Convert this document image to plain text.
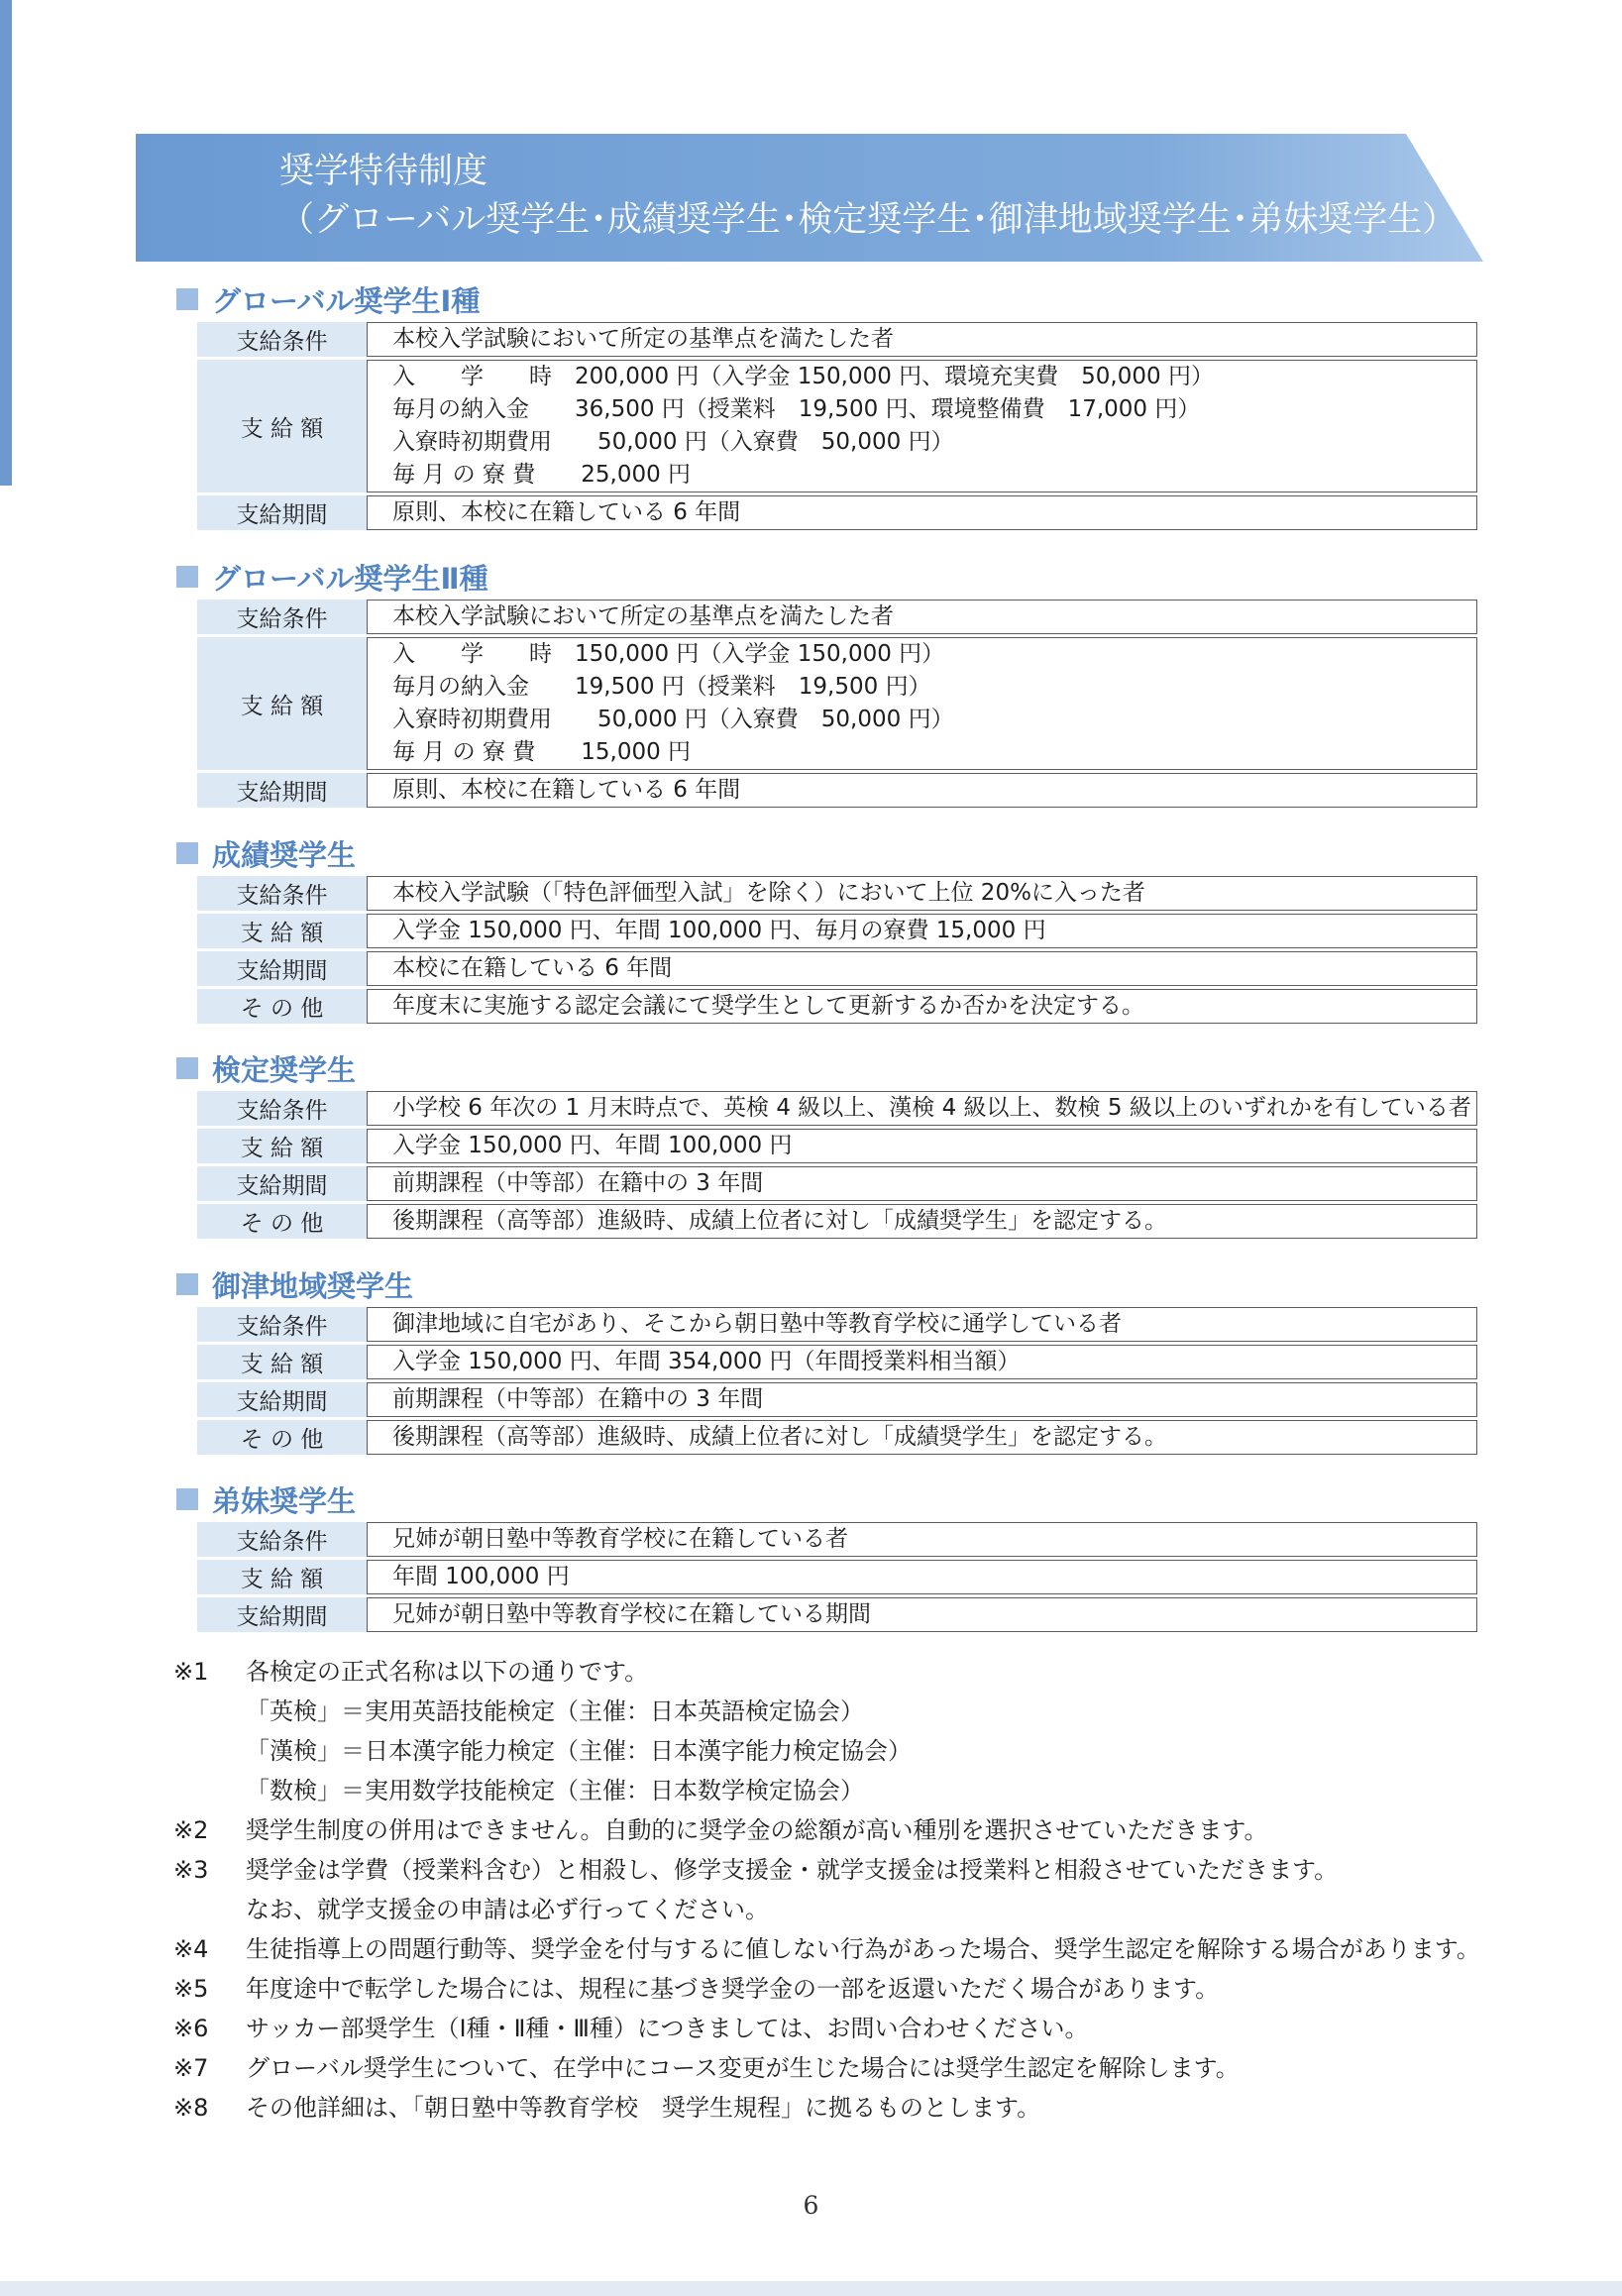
奨学特待制度
（グローバル奨学生･成績奨学生･検定奨学生･御津地域奨学生･弟妹奨学生）
グローバル奨学生Ⅰ種
支給条件	本校入学試験において所定の基準点を満たした者

支 給 額	入　　学　　時　200,000 円（入学金 150,000 円、環境充実費　50,000 円）
毎月の納入金　　36,500 円（授業料　19,500 円、環境整備費　17,000 円）
入寮時初期費用　　50,000 円（入寮費　50,000 円）
毎 月 の 寮 費　　25,000 円

支給期間	原則、本校に在籍している 6 年間
グローバル奨学生Ⅱ種
支給条件	本校入学試験において所定の基準点を満たした者

支 給 額	入　　学　　時　150,000 円（入学金 150,000 円）
毎月の納入金　　19,500 円（授業料　19,500 円）
入寮時初期費用　　50,000 円（入寮費　50,000 円）
毎 月 の 寮 費　　15,000 円

支給期間	原則、本校に在籍している 6 年間
成績奨学生
支給条件	本校入学試験（「特色評価型入試」を除く）において上位 20%に入った者

支 給 額	入学金 150,000 円、年間 100,000 円、毎月の寮費 15,000 円

支給期間	本校に在籍している 6 年間

そ の 他	年度末に実施する認定会議にて奨学生として更新するか否かを決定する。
検定奨学生
支給条件	小学校 6 年次の 1 月末時点で、英検 4 級以上、漢検 4 級以上、数検 5 級以上のいずれかを有している者

支 給 額	入学金 150,000 円、年間 100,000 円

支給期間	前期課程（中等部）在籍中の 3 年間

そ の 他	後期課程（高等部）進級時、成績上位者に対し「成績奨学生」を認定する。
御津地域奨学生
支給条件	御津地域に自宅があり、そこから朝日塾中等教育学校に通学している者

支 給 額	入学金 150,000 円、年間 354,000 円（年間授業料相当額）

支給期間	前期課程（中等部）在籍中の 3 年間

そ の 他	後期課程（高等部）進級時、成績上位者に対し「成績奨学生」を認定する。
弟妹奨学生
支給条件	兄姉が朝日塾中等教育学校に在籍している者

支 給 額	年間 100,000 円

支給期間	兄姉が朝日塾中等教育学校に在籍している期間
※1	各検定の正式名称は以下の通りです。
「英検」＝実用英語技能検定（主催：日本英語検定協会）
「漢検」＝日本漢字能力検定（主催：日本漢字能力検定協会）
「数検」＝実用数学技能検定（主催：日本数学検定協会）
※2	奨学生制度の併用はできません。自動的に奨学金の総額が高い種別を選択させていただきます。
※3	奨学金は学費（授業料含む）と相殺し、修学支援金・就学支援金は授業料と相殺させていただきます。
なお、就学支援金の申請は必ず行ってください。
※4	生徒指導上の問題行動等、奨学金を付与するに値しない行為があった場合、奨学生認定を解除する場合があります。
※5	年度途中で転学した場合には、規程に基づき奨学金の一部を返還いただく場合があります。
※6	サッカー部奨学生（Ⅰ種・Ⅱ種・Ⅲ種）につきましては、お問い合わせください。
※7	グローバル奨学生について、在学中にコース変更が生じた場合には奨学生認定を解除します。
※8	その他詳細は、「朝日塾中等教育学校　奨学生規程」に拠るものとします。
6
